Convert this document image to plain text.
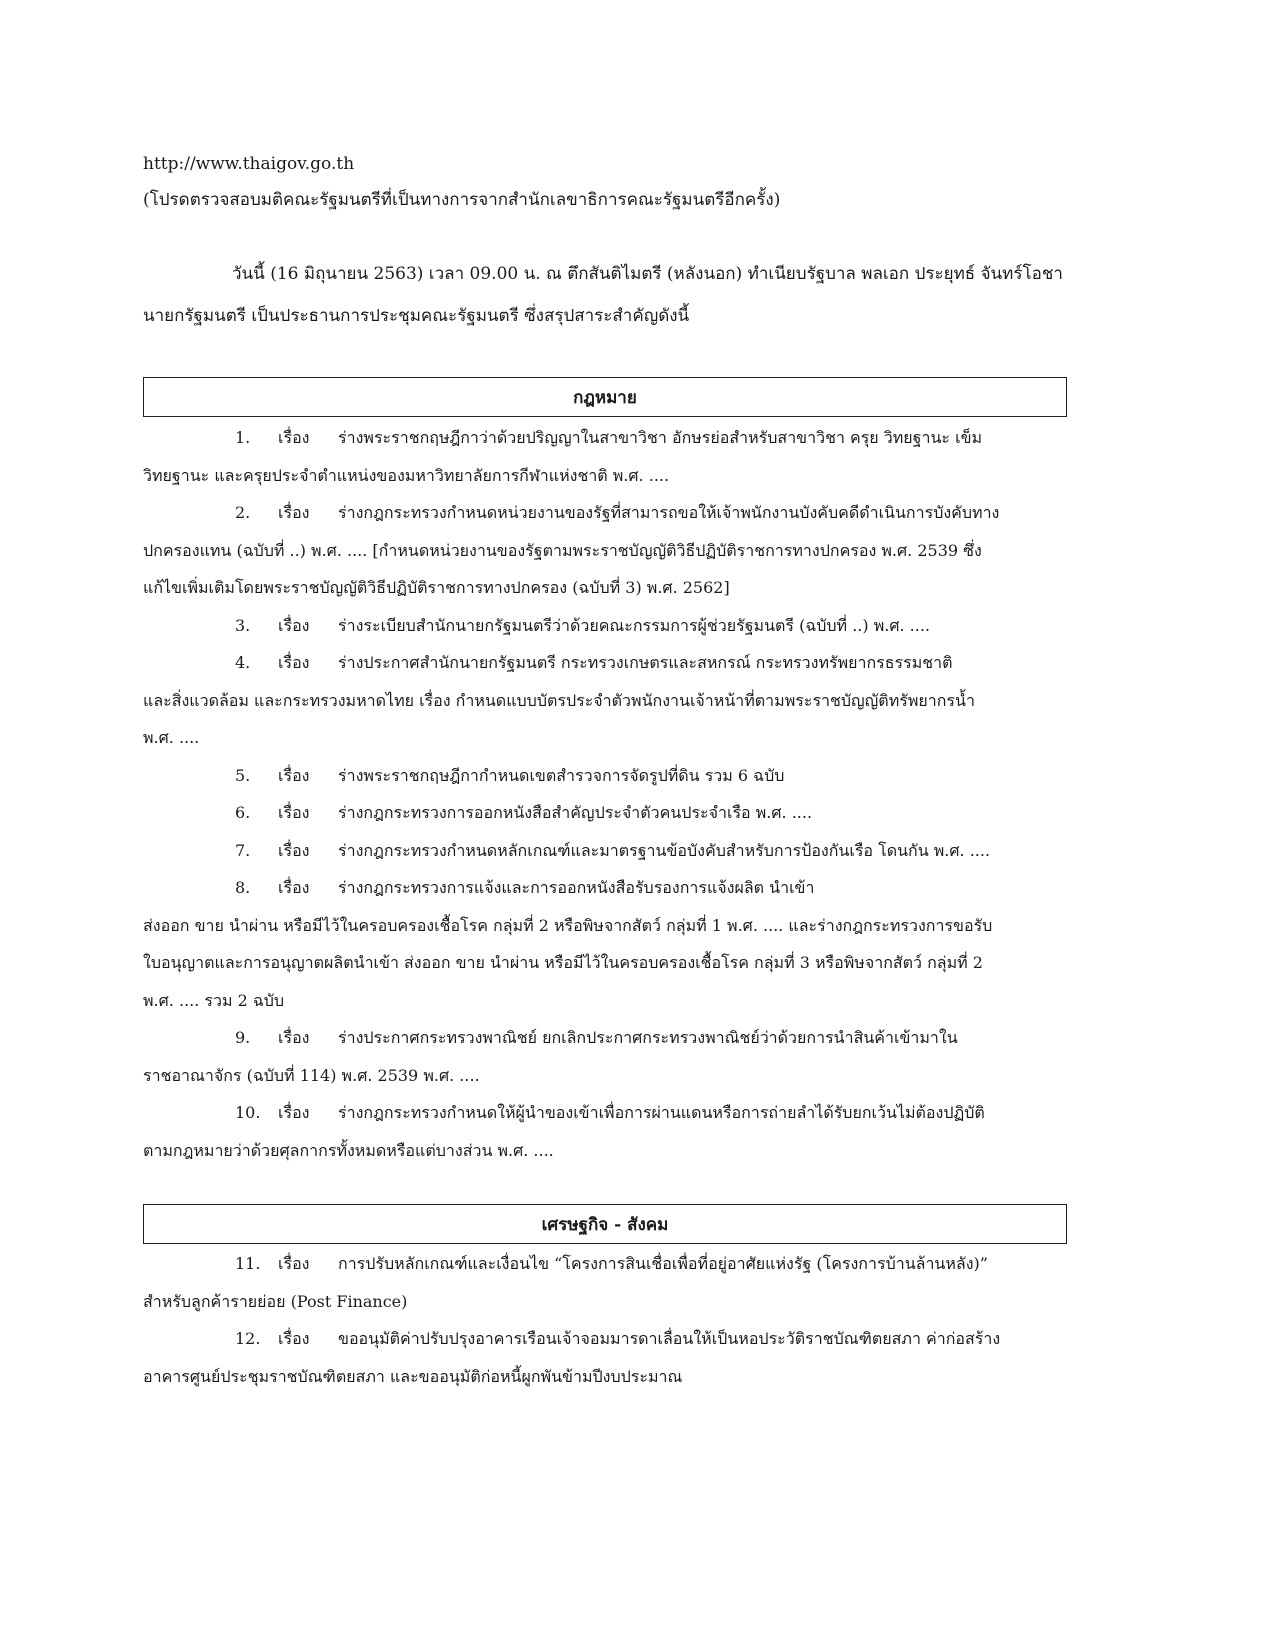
http://www.thaigov.go.th
(โปรดตรวจสอบมติคณะรัฐมนตรีที่เป็นทางการจากสำนักเลขาธิการคณะรัฐมนตรีอีกครั้ง)
วันนี้ (16 มิถุนายน 2563) เวลา 09.00 น. ณ ตึกสันติไมตรี (หลังนอก) ทำเนียบรัฐบาล พลเอก ประยุทธ์ จันทร์โอชา
นายกรัฐมนตรี เป็นประธานการประชุมคณะรัฐมนตรี ซึ่งสรุปสาระสำคัญดังนี้
กฎหมาย
1. เรื่อง ร่างพระราชกฤษฎีกาว่าด้วยปริญญาในสาขาวิชา อักษรย่อสำหรับสาขาวิชา ครุย วิทยฐานะ เข็ม
วิทยฐานะ และครุยประจำตำแหน่งของมหาวิทยาลัยการกีฬาแห่งชาติ พ.ศ. ....
2. เรื่อง ร่างกฎกระทรวงกำหนดหน่วยงานของรัฐที่สามารถขอให้เจ้าพนักงานบังคับคดีดำเนินการบังคับทาง
ปกครองแทน (ฉบับที่ ..) พ.ศ. .... [กำหนดหน่วยงานของรัฐตามพระราชบัญญัติวิธีปฏิบัติราชการทางปกครอง พ.ศ. 2539 ซึ่ง
แก้ไขเพิ่มเติมโดยพระราชบัญญัติวิธีปฏิบัติราชการทางปกครอง (ฉบับที่ 3) พ.ศ. 2562]
3. เรื่อง ร่างระเบียบสำนักนายกรัฐมนตรีว่าด้วยคณะกรรมการผู้ช่วยรัฐมนตรี (ฉบับที่ ..) พ.ศ. ....
4. เรื่อง ร่างประกาศสำนักนายกรัฐมนตรี กระทรวงเกษตรและสหกรณ์ กระทรวงทรัพยากรธรรมชาติ
และสิ่งแวดล้อม และกระทรวงมหาดไทย เรื่อง กำหนดแบบบัตรประจำตัวพนักงานเจ้าหน้าที่ตามพระราชบัญญัติทรัพยากรน้ำ
พ.ศ. ....
5. เรื่อง ร่างพระราชกฤษฎีกากำหนดเขตสำรวจการจัดรูปที่ดิน รวม 6 ฉบับ
6. เรื่อง ร่างกฎกระทรวงการออกหนังสือสำคัญประจำตัวคนประจำเรือ พ.ศ. ....
7. เรื่อง ร่างกฎกระทรวงกำหนดหลักเกณฑ์และมาตรฐานข้อบังคับสำหรับการป้องกันเรือ โดนกัน พ.ศ. ....
8. เรื่อง ร่างกฎกระทรวงการแจ้งและการออกหนังสือรับรองการแจ้งผลิต นำเข้า
ส่งออก ขาย นำผ่าน หรือมีไว้ในครอบครองเชื้อโรค กลุ่มที่ 2 หรือพิษจากสัตว์ กลุ่มที่ 1 พ.ศ. .... และร่างกฎกระทรวงการขอรับ
ใบอนุญาตและการอนุญาตผลิตนำเข้า ส่งออก ขาย นำผ่าน หรือมีไว้ในครอบครองเชื้อโรค กลุ่มที่ 3 หรือพิษจากสัตว์ กลุ่มที่ 2
พ.ศ. .... รวม 2 ฉบับ
9. เรื่อง ร่างประกาศกระทรวงพาณิชย์ ยกเลิกประกาศกระทรวงพาณิชย์ว่าด้วยการนำสินค้าเข้ามาใน
ราชอาณาจักร (ฉบับที่ 114) พ.ศ. 2539 พ.ศ. ....
10. เรื่อง ร่างกฎกระทรวงกำหนดให้ผู้นำของเข้าเพื่อการผ่านแดนหรือการถ่ายลำได้รับยกเว้นไม่ต้องปฏิบัติ
ตามกฎหมายว่าด้วยศุลกากรทั้งหมดหรือแต่บางส่วน พ.ศ. ....
เศรษฐกิจ - สังคม
11. เรื่อง การปรับหลักเกณฑ์และเงื่อนไข “โครงการสินเชื่อเพื่อที่อยู่อาศัยแห่งรัฐ (โครงการบ้านล้านหลัง)”
สำหรับลูกค้ารายย่อย (Post Finance)
12. เรื่อง ขออนุมัติค่าปรับปรุงอาคารเรือนเจ้าจอมมารดาเลื่อนให้เป็นหอประวัติราชบัณฑิตยสภา ค่าก่อสร้าง
อาคารศูนย์ประชุมราชบัณฑิตยสภา และขออนุมัติก่อหนี้ผูกพันข้ามปีงบประมาณ
